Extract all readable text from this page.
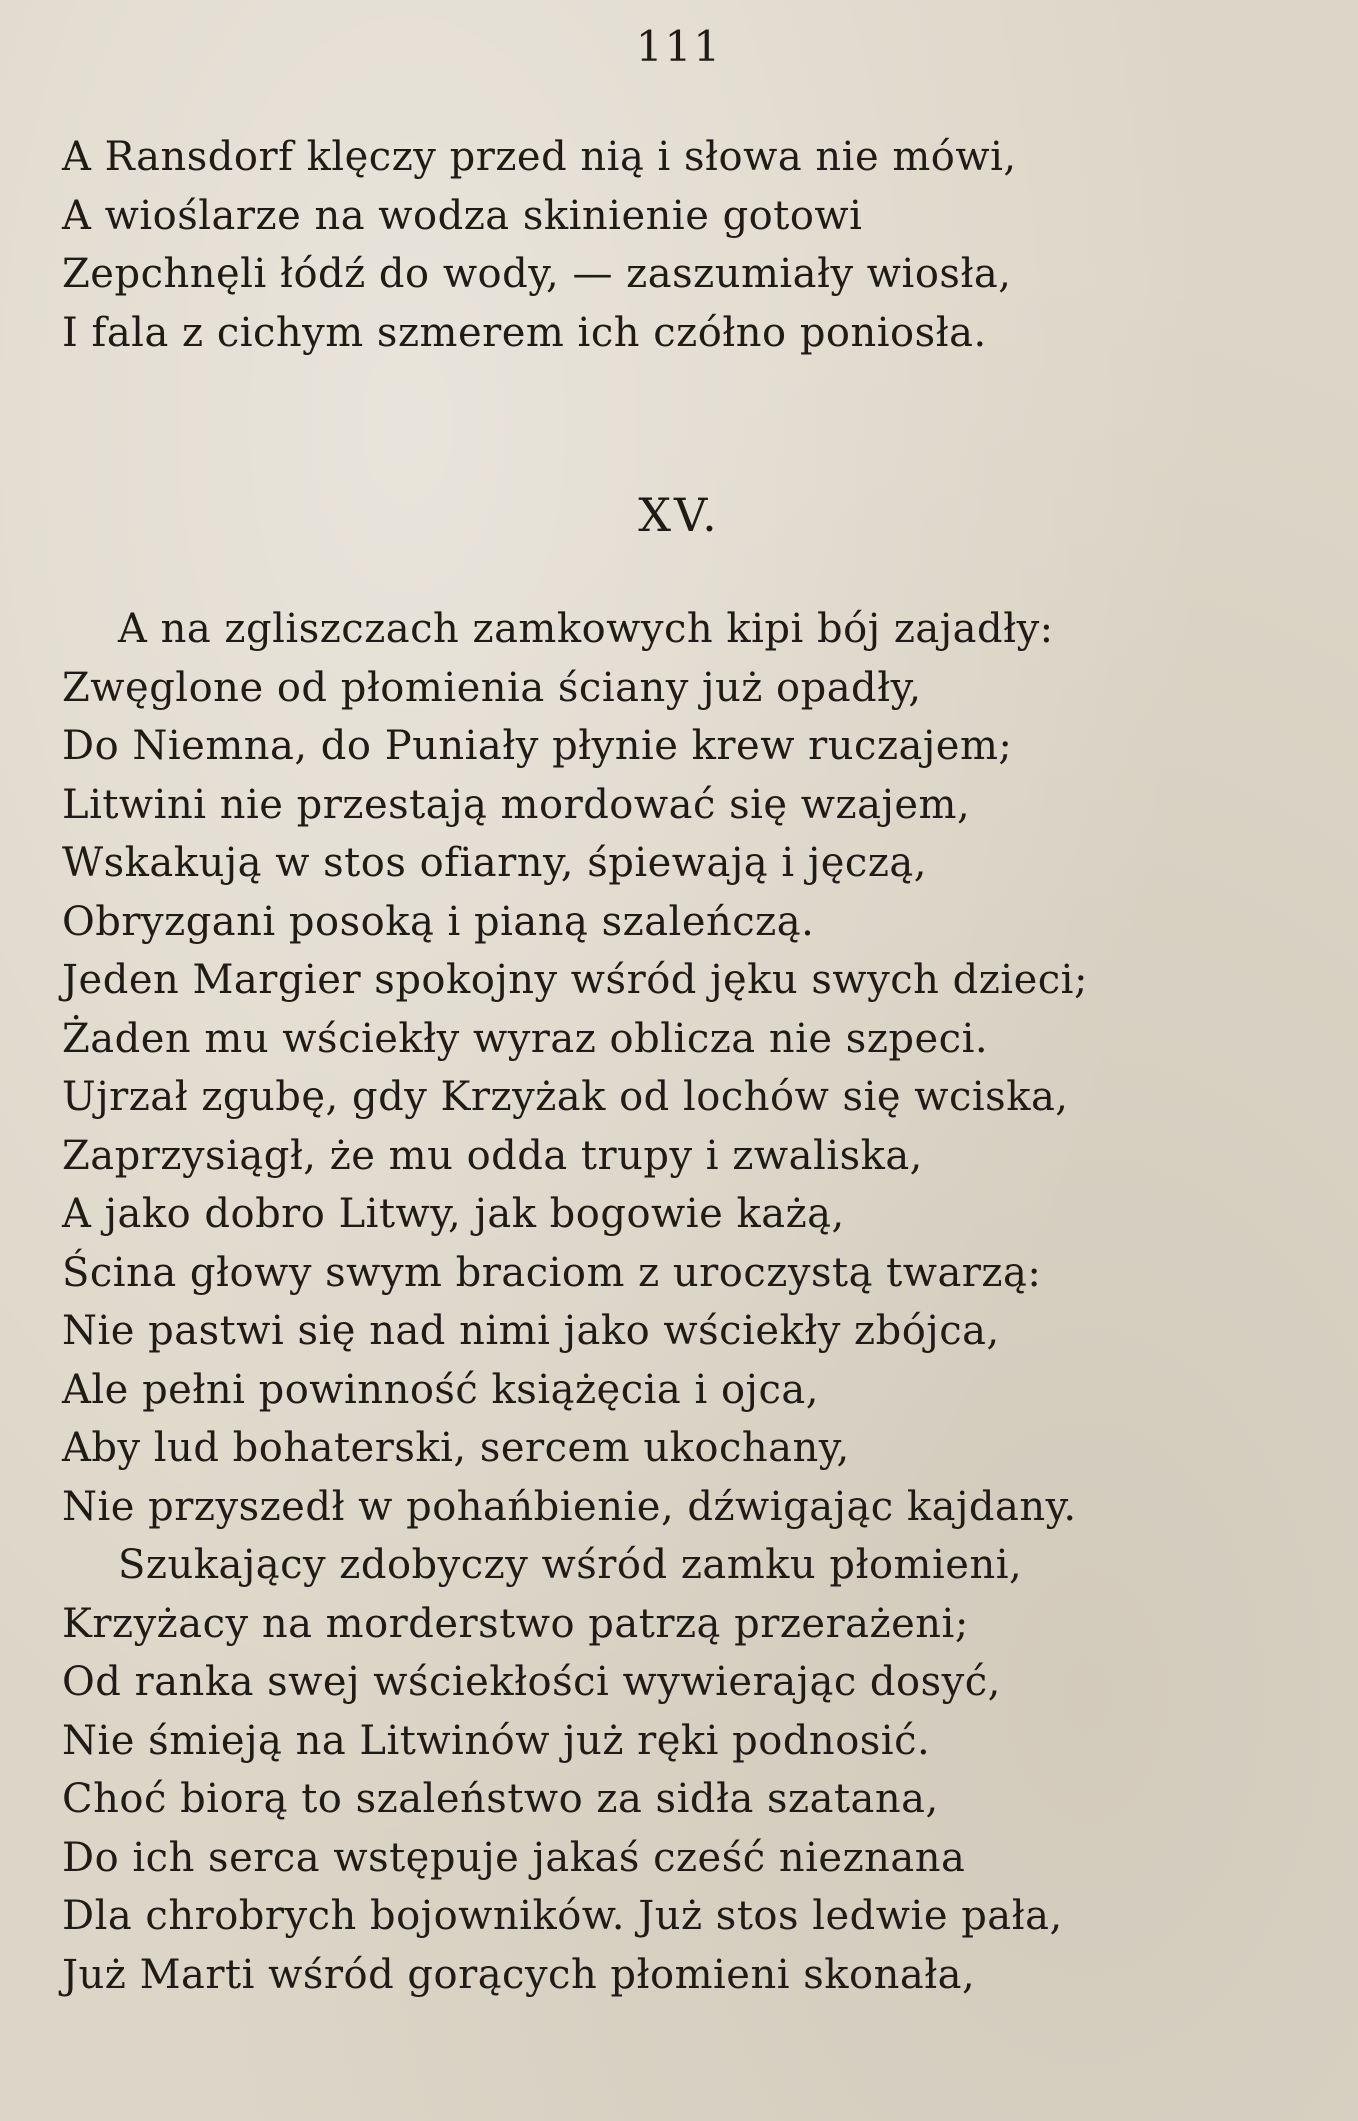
111
A Ransdorf klęczy przed nią i słowa nie mówi,
A wioślarze na wodza skinienie gotowi
Zepchnęli łódź do wody, — zaszumiały wiosła,
I fala z cichym szmerem ich czółno poniosła.
XV.
A na zgliszczach zamkowych kipi bój zajadły:
Zwęglone od płomienia ściany już opadły,
Do Niemna, do Puniały płynie krew ruczajem;
Litwini nie przestają mordować się wzajem,
Wskakują w stos ofiarny, śpiewają i jęczą,
Obryzgani posoką i pianą szaleńczą.
Jeden Margier spokojny wśród jęku swych dzieci;
Żaden mu wściekły wyraz oblicza nie szpeci.
Ujrzał zgubę, gdy Krzyżak od lochów się wciska,
Zaprzysiągł, że mu odda trupy i zwaliska,
A jako dobro Litwy, jak bogowie każą,
Ścina głowy swym braciom z uroczystą twarzą:
Nie pastwi się nad nimi jako wściekły zbójca,
Ale pełni powinność książęcia i ojca,
Aby lud bohaterski, sercem ukochany,
Nie przyszedł w pohańbienie, dźwigając kajdany.
Szukający zdobyczy wśród zamku płomieni,
Krzyżacy na morderstwo patrzą przerażeni;
Od ranka swej wściekłości wywierając dosyć,
Nie śmieją na Litwinów już ręki podnosić.
Choć biorą to szaleństwo za sidła szatana,
Do ich serca wstępuje jakaś cześć nieznana
Dla chrobrych bojowników. Już stos ledwie pała,
Już Marti wśród gorących płomieni skonała,
